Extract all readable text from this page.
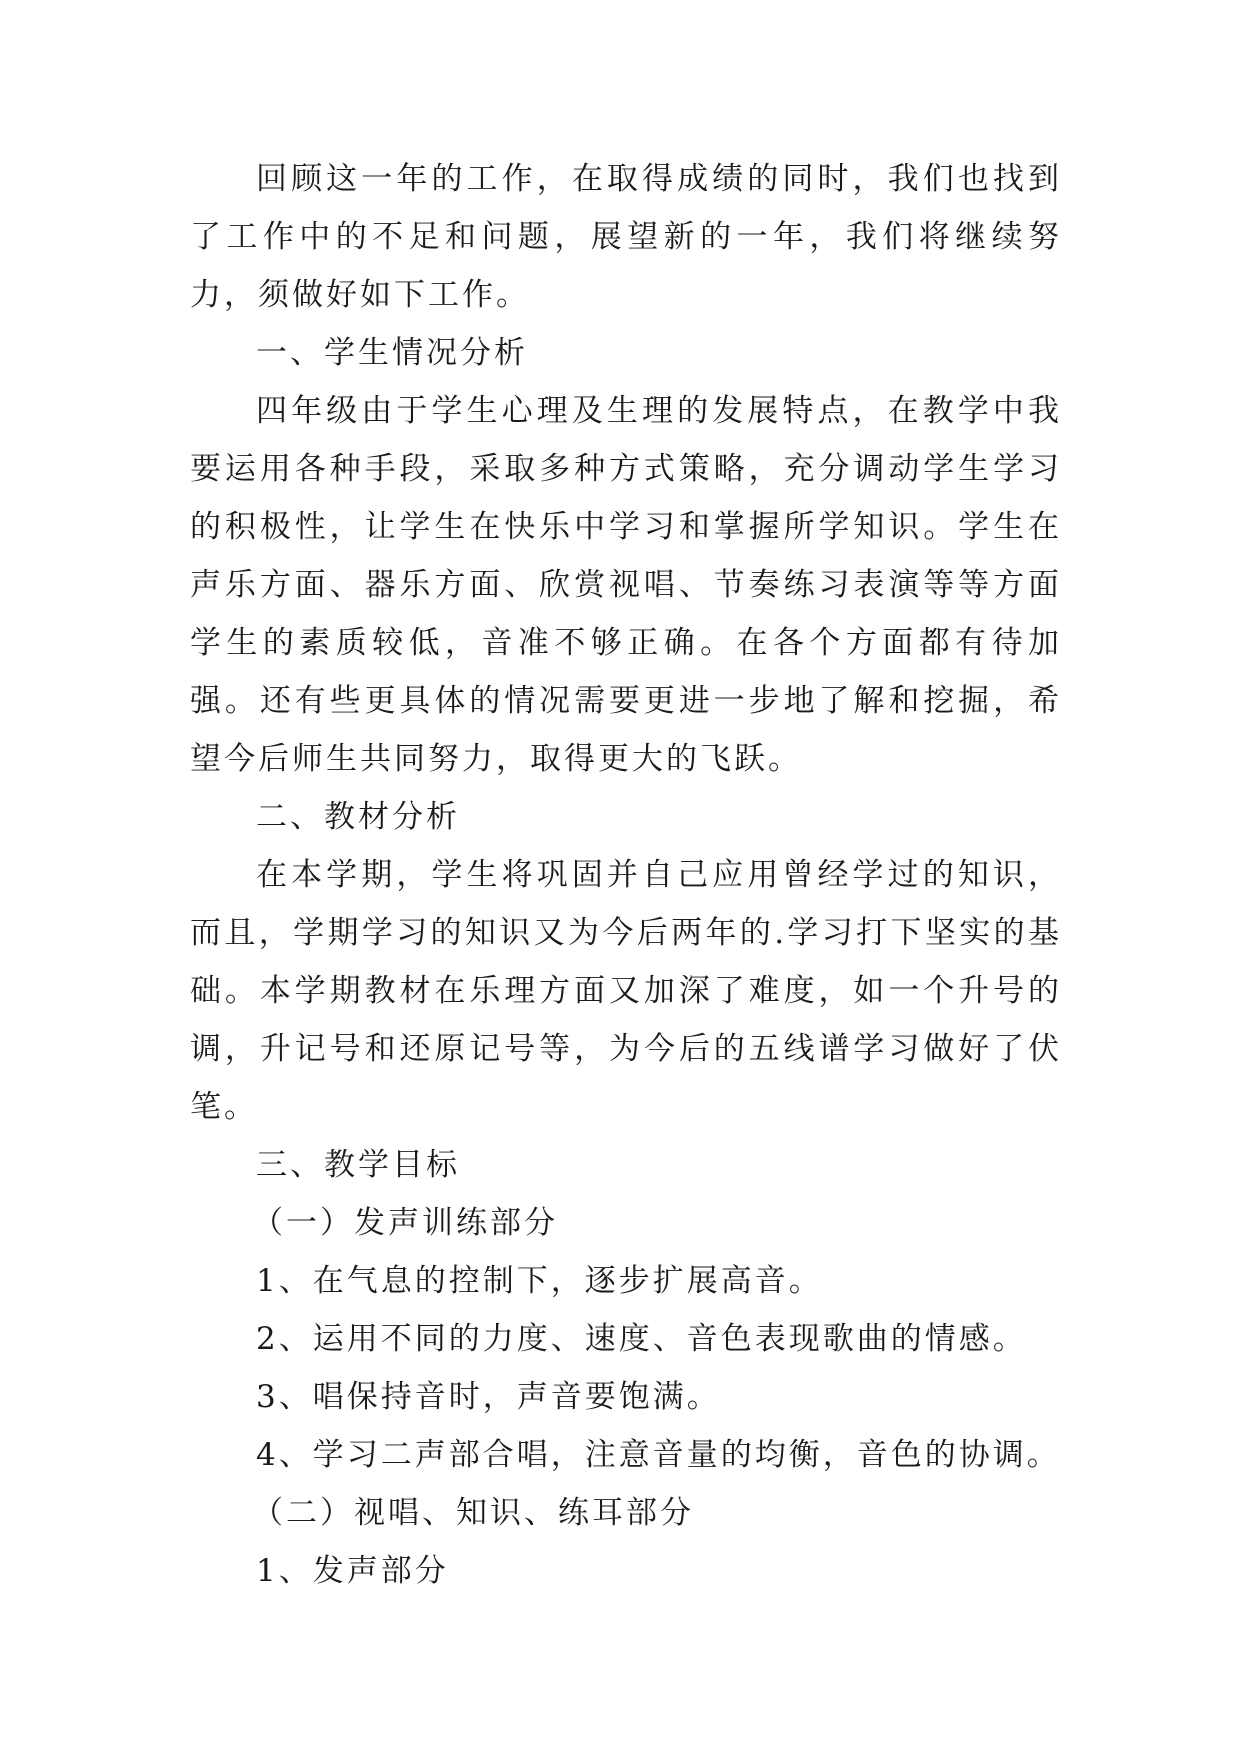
回顾这一年的工作，在取得成绩的同时，我们也找到了工作中的不足和问题，展望新的一年，我们将继续努力，须做好如下工作。

一、学生情况分析

四年级由于学生心理及生理的发展特点，在教学中我要运用各种手段，采取多种方式策略，充分调动学生学习的积极性，让学生在快乐中学习和掌握所学知识。学生在声乐方面、器乐方面、欣赏视唱、节奏练习表演等等方面学生的素质较低，音准不够正确。在各个方面都有待加强。还有些更具体的情况需要更进一步地了解和挖掘，希望今后师生共同努力，取得更大的飞跃。

二、教材分析

在本学期，学生将巩固并自己应用曾经学过的知识，而且，学期学习的知识又为今后两年的.学习打下坚实的基础。本学期教材在乐理方面又加深了难度，如一个升号的调，升记号和还原记号等，为今后的五线谱学习做好了伏笔。

三、教学目标

（一）发声训练部分

1、在气息的控制下，逐步扩展高音。

2、运用不同的力度、速度、音色表现歌曲的情感。

3、唱保持音时，声音要饱满。

4、学习二声部合唱，注意音量的均衡，音色的协调。

（二）视唱、知识、练耳部分

1、发声部分
